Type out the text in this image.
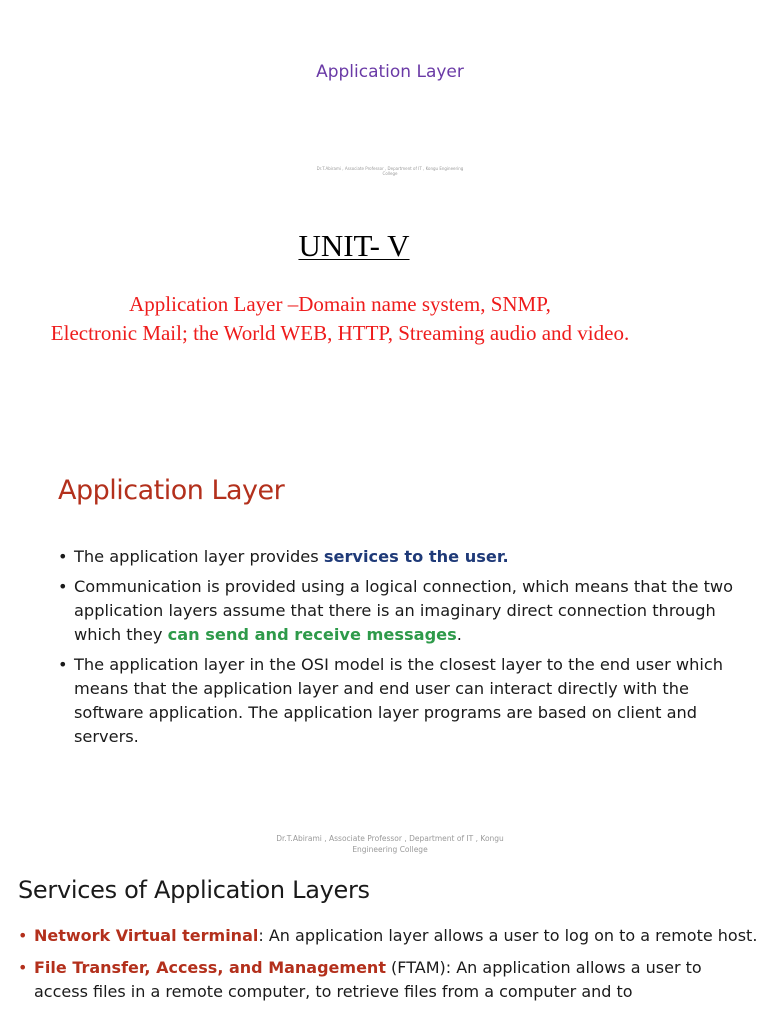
Application Layer
Dr.T.Abirami , Associate Professor , Department of IT , Kongu Engineering College
UNIT- V
Application Layer –Domain name system, SNMP,
Electronic Mail; the World WEB, HTTP, Streaming audio and video.
Application Layer
• The application layer provides services to the user.
• Communication is provided using a logical connection, which means that the two application layers assume that there is an imaginary direct connection through which they can send and receive messages.
• The application layer in the OSI model is the closest layer to the end user which means that the application layer and end user can interact directly with the software application. The application layer programs are based on client and servers.
Dr.T.Abirami , Associate Professor , Department of IT , Kongu
Engineering College
Services of Application Layers
• Network Virtual terminal: An application layer allows a user to log on to a remote host.
• File Transfer, Access, and Management (FTAM): An application allows a user to access files in a remote computer, to retrieve files from a computer and to
